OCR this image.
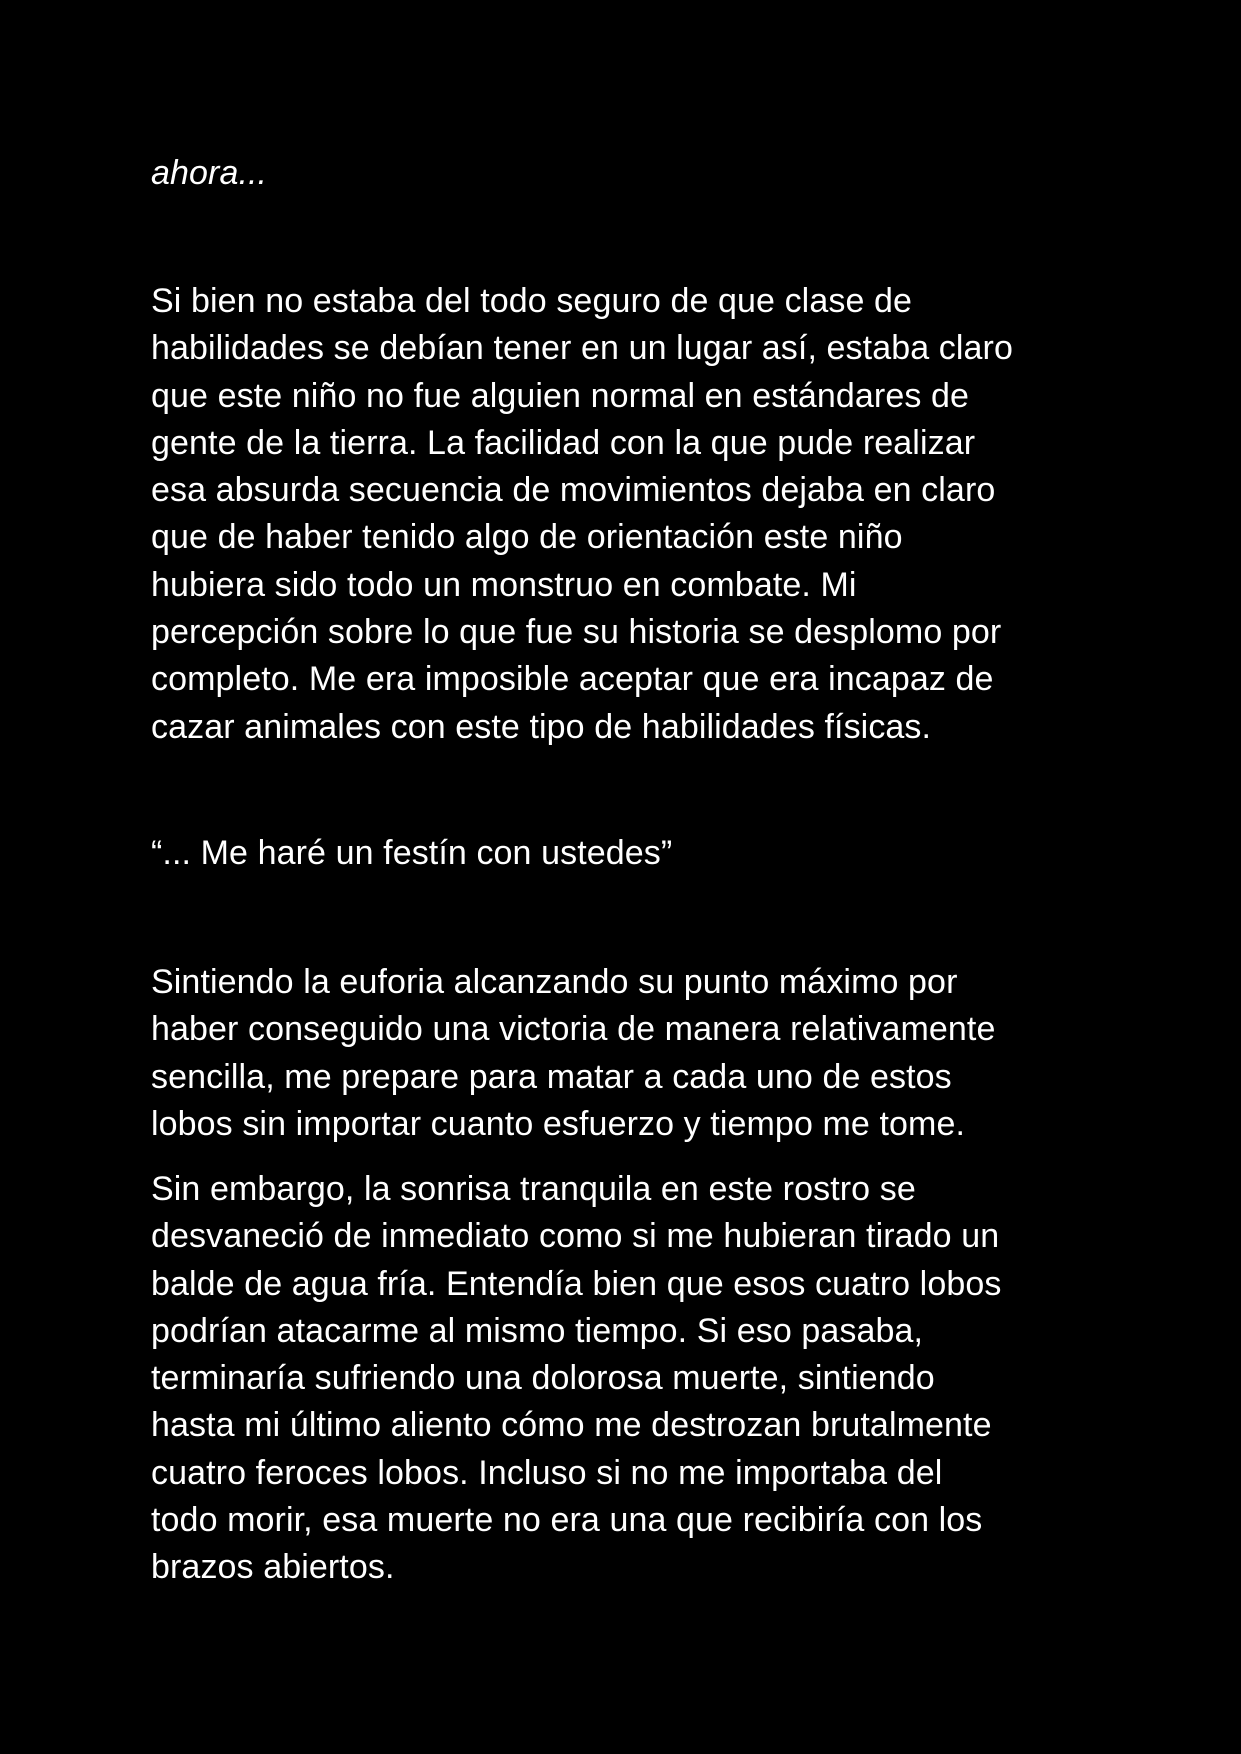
ahora...

Si bien no estaba del todo seguro de que clase de
habilidades se debían tener en un lugar así, estaba claro
que este niño no fue alguien normal en estándares de
gente de la tierra. La facilidad con la que pude realizar
esa absurda secuencia de movimientos dejaba en claro
que de haber tenido algo de orientación este niño
hubiera sido todo un monstruo en combate. Mi
percepción sobre lo que fue su historia se desplomo por
completo. Me era imposible aceptar que era incapaz de
cazar animales con este tipo de habilidades físicas.

“... Me haré un festín con ustedes”

Sintiendo la euforia alcanzando su punto máximo por
haber conseguido una victoria de manera relativamente
sencilla, me prepare para matar a cada uno de estos
lobos sin importar cuanto esfuerzo y tiempo me tome.

Sin embargo, la sonrisa tranquila en este rostro se
desvaneció de inmediato como si me hubieran tirado un
balde de agua fría. Entendía bien que esos cuatro lobos
podrían atacarme al mismo tiempo. Si eso pasaba,
terminaría sufriendo una dolorosa muerte, sintiendo
hasta mi último aliento cómo me destrozan brutalmente
cuatro feroces lobos. Incluso si no me importaba del
todo morir, esa muerte no era una que recibiría con los
brazos abiertos.
